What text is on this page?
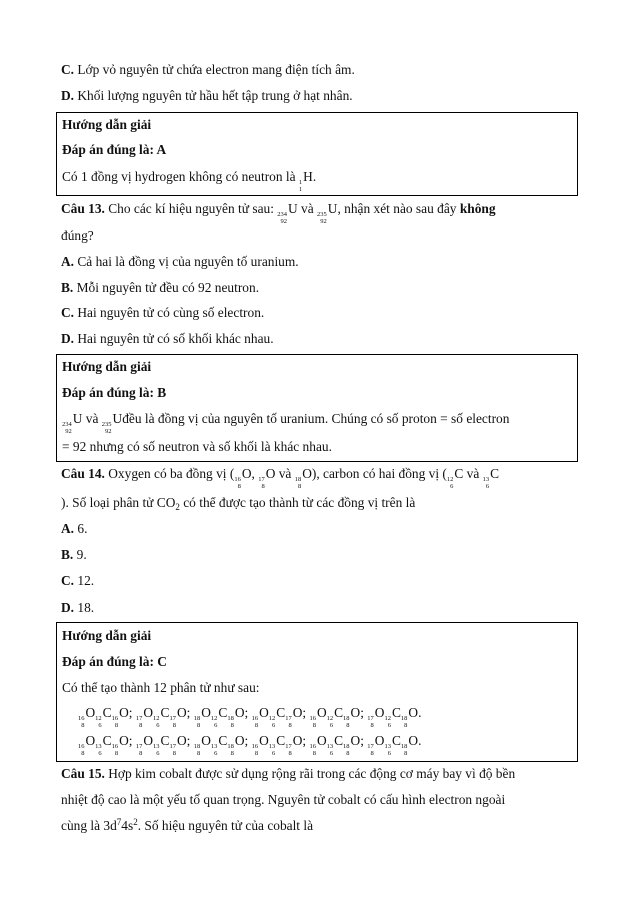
C. Lớp vỏ nguyên tử chứa electron mang điện tích âm.
D. Khối lượng nguyên tử hầu hết tập trung ở hạt nhân.
Hướng dẫn giải
Đáp án đúng là: A
Có 1 đồng vị hydrogen không có neutron là 1
1
H.
Câu 13. Cho các kí hiệu nguyên tử sau: 234
92
U và 235
92
U, nhận xét nào sau đây không
đúng?
A. Cả hai là đồng vị của nguyên tố uranium.
B. Mỗi nguyên tử đều có 92 neutron.
C. Hai nguyên tử có cùng số electron.
D. Hai nguyên tử có số khối khác nhau.
Hướng dẫn giải
Đáp án đúng là: B
234
92
U và 235
92
Uđều là đồng vị của nguyên tố uranium. Chúng có số proton = số electron
= 92 nhưng có số neutron và số khối là khác nhau.
Câu 14. Oxygen có ba đồng vị ( 16
8
O, 17
8
O và 18
8
O), carbon có hai đồng vị ( 12
6
C và 13
6
C
). Số loại phân tử $CO_2$ có thể được tạo thành từ các đồng vị trên là
A. 6.
B. 9.
C. 12.
D. 18.
Hướng dẫn giải
Đáp án đúng là: C
Có thể tạo thành 12 phân tử như sau:
16
8
O 12
6
C 16
8
O; 17
8
O 12
6
C 17
8
O; 18
8
O 12
6
C 18
8
O; 16
8
O 12
6
C 17
8
O; 16
8
O 12
6
C 18
8
O; 17
8
O 12
6
C 18
8
O.
16
8
O 13
6
C 16
8
O; 17
8
O 13
6
C 17
8
O; 18
8
O 13
6
C 18
8
O; 16
8
O 13
6
C 17
8
O; 16
8
O 13
6
C 18
8
O; 17
8
O 13
6
C 18
8
O.
Câu 15. Hợp kim cobalt được sử dụng rộng rãi trong các động cơ máy bay vì độ bền
nhiệt độ cao là một yếu tố quan trọng. Nguyên tử cobalt có cấu hình electron ngoài
cùng là $3d^74s^2$. Số hiệu nguyên tử của cobalt là
